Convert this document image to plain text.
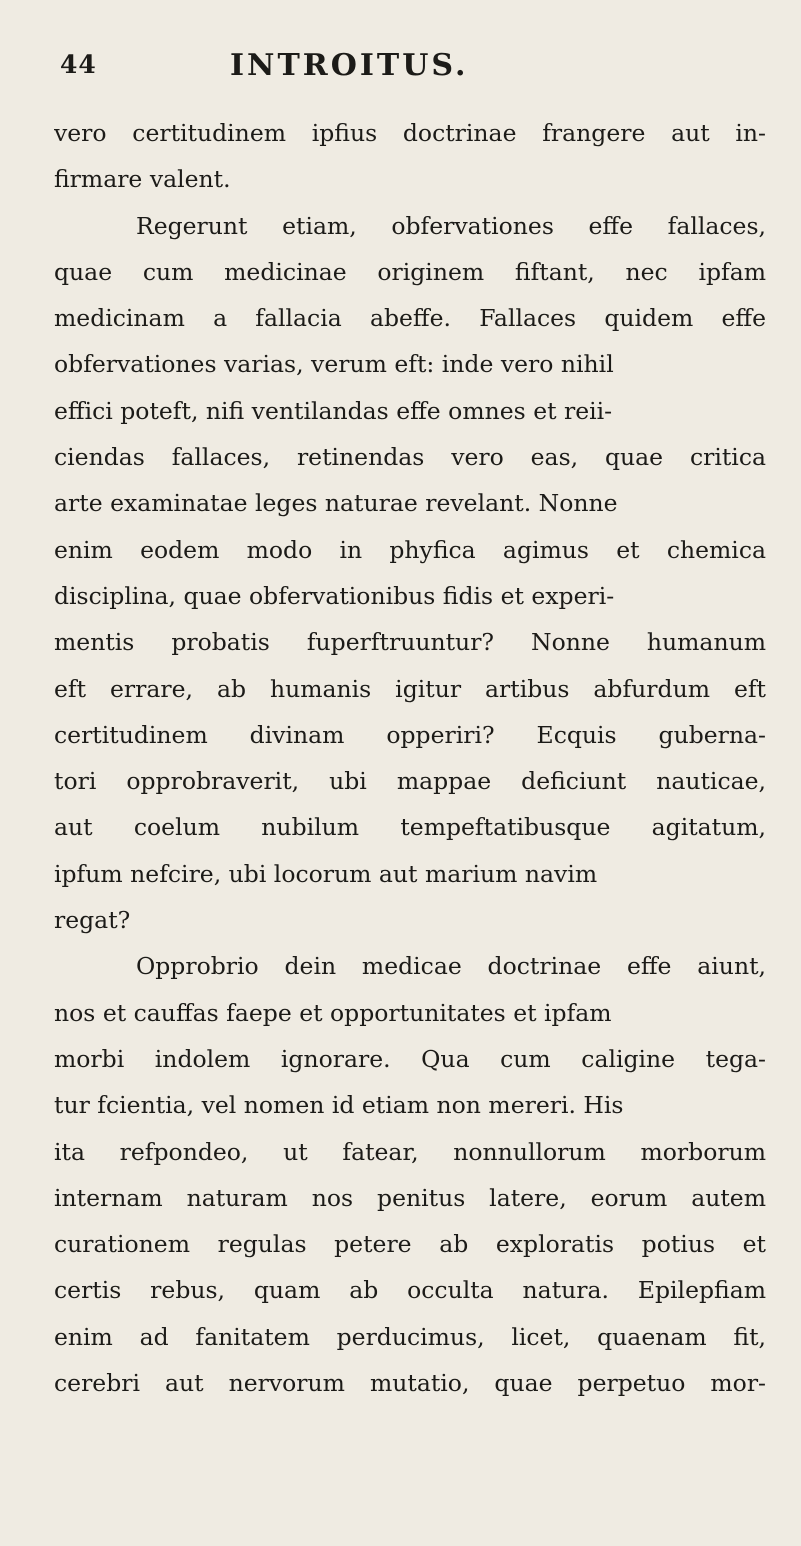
44	INTROITUS.
vero certitudinem ipfius doctrinae frangere aut in-
firmare valent.
Regerunt etiam, obfervationes effe fallaces,
quae cum medicinae originem fiftant, nec ipfam
medicinam a fallacia abeffe. Fallaces quidem effe
obfervationes varias, verum eft: inde vero nihil
effici poteft, nifi ventilandas effe omnes et reii-
ciendas fallaces, retinendas vero eas, quae critica
arte examinatae leges naturae revelant. Nonne
enim eodem modo in phyfica agimus et chemica
disciplina, quae obfervationibus fidis et experi-
mentis probatis fuperftruuntur? Nonne humanum
eft errare, ab humanis igitur artibus abfurdum eft
certitudinem divinam opperiri? Ecquis guberna-
tori opprobraverit, ubi mappae deficiunt nauticae,
aut coelum nubilum tempeftatibusque agitatum,
ipfum nefcire, ubi locorum aut marium navim
regat?
Opprobrio dein medicae doctrinae effe aiunt,
nos et cauffas faepe et opportunitates et ipfam
morbi indolem ignorare. Qua cum caligine tega-
tur fcientia, vel nomen id etiam non mereri. His
ita refpondeo, ut fatear, nonnullorum morborum
internam naturam nos penitus latere, eorum autem
curationem regulas petere ab exploratis potius et
certis rebus, quam ab occulta natura. Epilepfiam
enim ad fanitatem perducimus, licet, quaenam fit,
cerebri aut nervorum mutatio, quae perpetuo mor-
